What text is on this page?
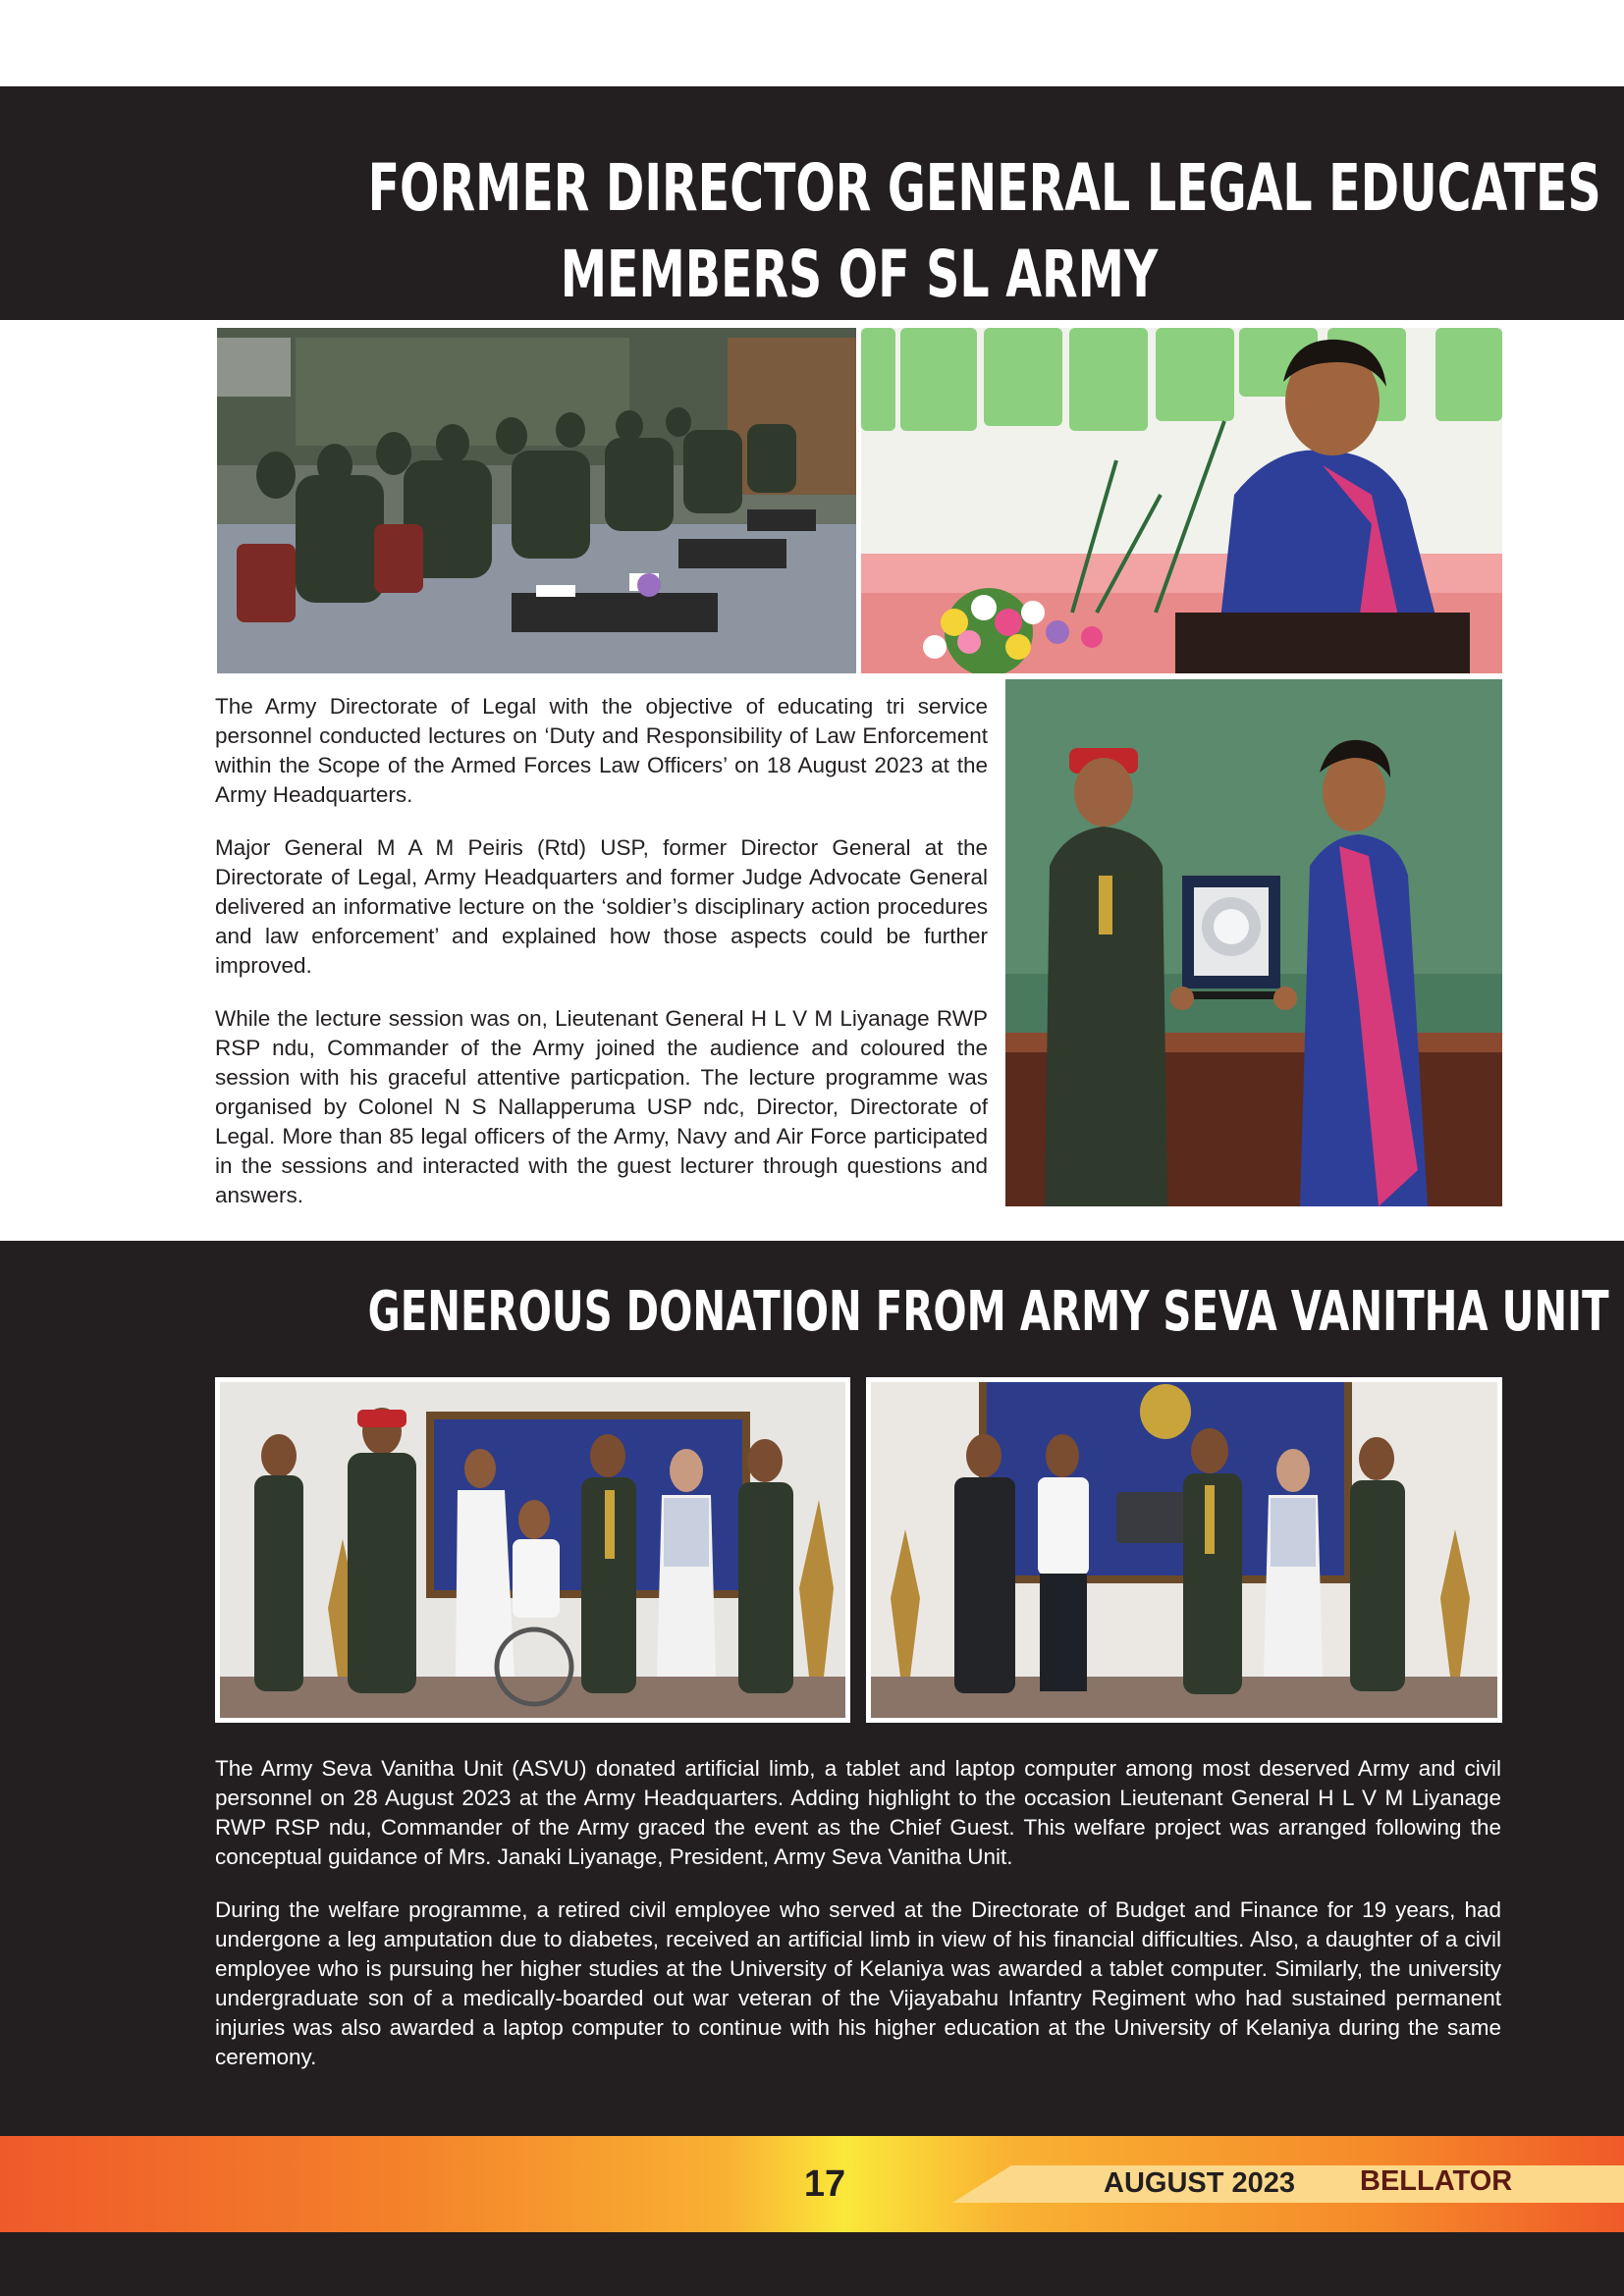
FORMER DIRECTOR GENERAL LEGAL EDUCATES
MEMBERS OF SL ARMY

The Army Directorate of Legal with the objective of educating tri service personnel conducted lectures on ‘Duty and Responsibility of Law Enforcement within the Scope of the Armed Forces Law Officers’ on 18 August 2023 at the Army Headquarters.

Major General M A M Peiris (Rtd) USP, former Director General at the Directorate of Legal, Army Headquarters and former Judge Advocate General delivered an informative lecture on the ‘soldier’s disciplinary action procedures and law enforcement’ and explained how those aspects could be further improved.

While the lecture session was on, Lieutenant General H L V M Liyanage RWP RSP ndu, Commander of the Army joined the audience and coloured the session with his graceful attentive particpation. The lecture programme was organised by Colonel N S Nallapperuma USP ndc, Director, Directorate of Legal. More than 85 legal officers of the Army, Navy and Air Force participated in the sessions and interacted with the guest lecturer through questions and answers.

GENEROUS DONATION FROM ARMY SEVA VANITHA UNIT

The Army Seva Vanitha Unit (ASVU) donated artificial limb, a tablet and laptop computer among most deserved Army and civil personnel on 28 August 2023 at the Army Headquarters. Adding highlight to the occasion Lieutenant General H L V M Liyanage RWP RSP ndu, Commander of the Army graced the event as the Chief Guest. This welfare project was arranged following the conceptual guidance of Mrs. Janaki Liyanage, President, Army Seva Vanitha Unit.

During the welfare programme, a retired civil employee who served at the Directorate of Budget and Finance for 19 years, had undergone a leg amputation due to diabetes, received an artificial limb in view of his financial difficulties. Also, a daughter of a civil employee who is pursuing her higher studies at the University of Kelaniya was awarded a tablet computer. Similarly, the university undergraduate son of a medically-boarded out war veteran of the Vijayabahu Infantry Regiment who had sustained permanent injuries was also awarded a laptop computer to continue with his higher education at the University of Kelaniya during the same ceremony.

17	AUGUST 2023 BELLATOR
